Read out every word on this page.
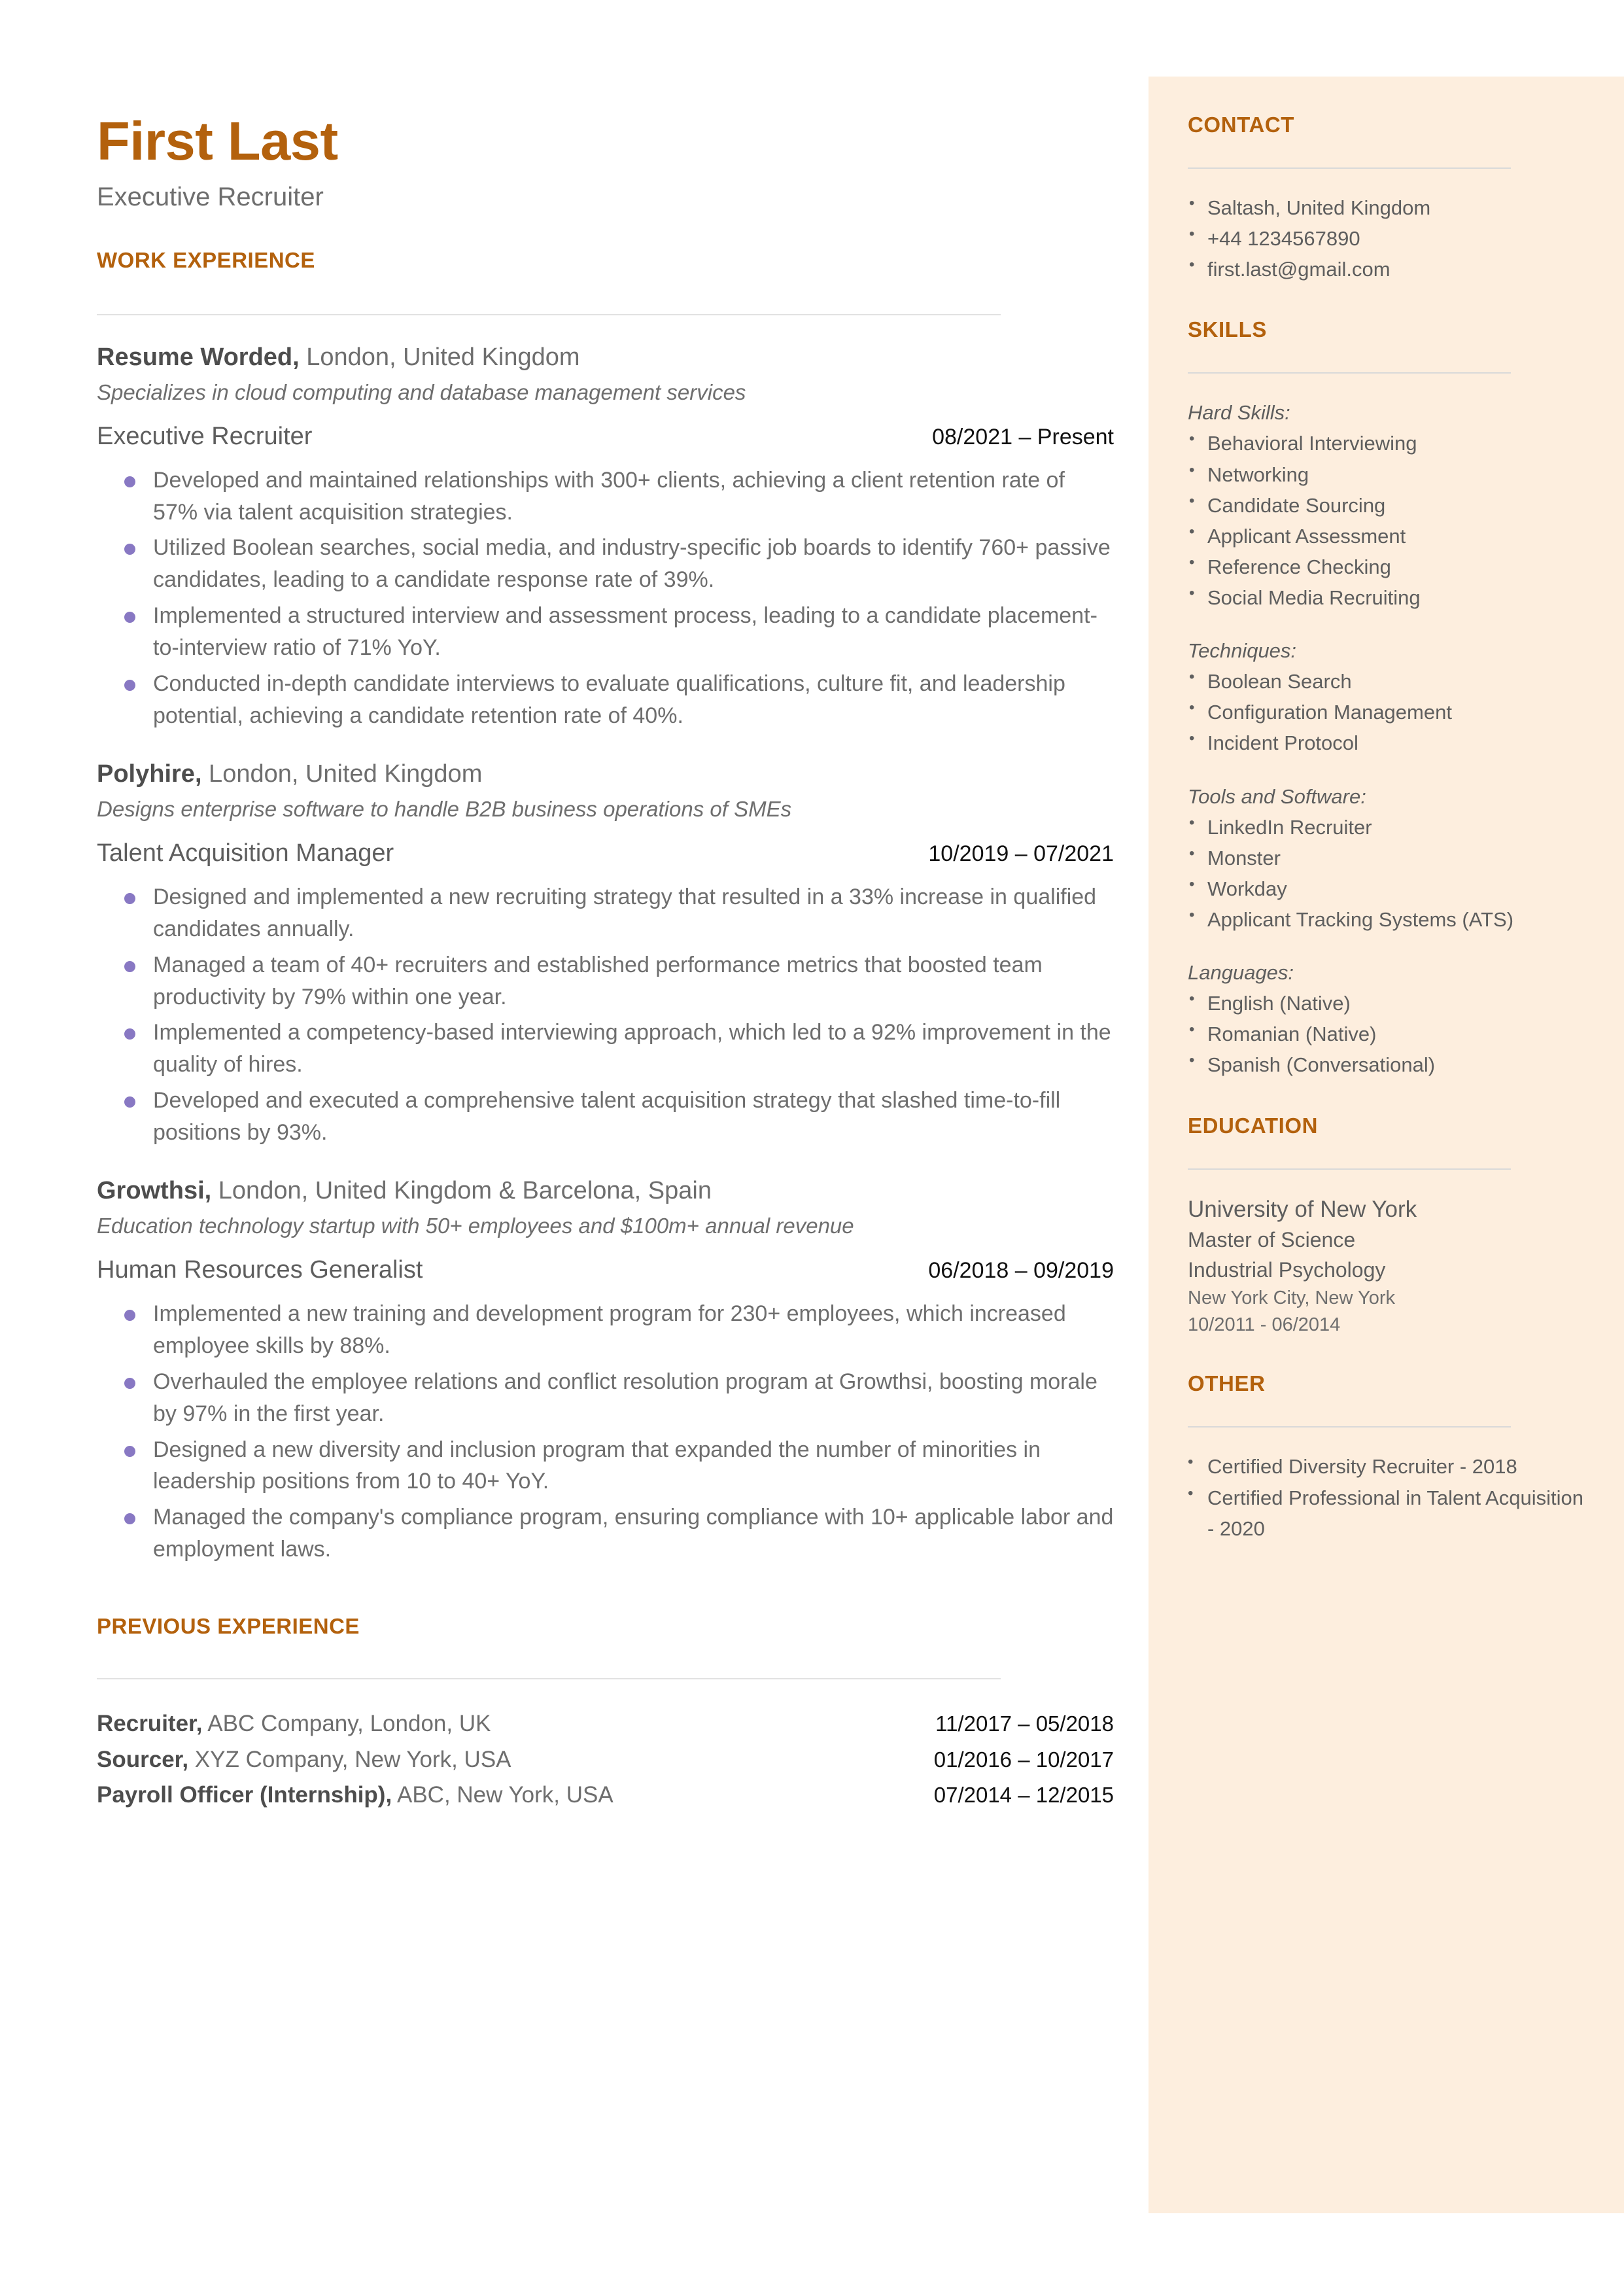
First Last
Executive Recruiter
WORK EXPERIENCE
Resume Worded, London, United Kingdom
Specializes in cloud computing and database management services
Executive Recruiter	08/2021 – Present
Developed and maintained relationships with 300+ clients, achieving a client retention rate of 57% via talent acquisition strategies.
Utilized Boolean searches, social media, and industry-specific job boards to identify 760+ passive candidates, leading to a candidate response rate of 39%.
Implemented a structured interview and assessment process, leading to a candidate placement-to-interview ratio of 71% YoY.
Conducted in-depth candidate interviews to evaluate qualifications, culture fit, and leadership potential, achieving a candidate retention rate of 40%.
Polyhire, London, United Kingdom
Designs enterprise software to handle B2B business operations of SMEs
Talent Acquisition Manager	10/2019 – 07/2021
Designed and implemented a new recruiting strategy that resulted in a 33% increase in qualified candidates annually.
Managed a team of 40+ recruiters and established performance metrics that boosted team productivity by 79% within one year.
Implemented a competency-based interviewing approach, which led to a 92% improvement in the quality of hires.
Developed and executed a comprehensive talent acquisition strategy that slashed time-to-fill positions by 93%.
Growthsi, London, United Kingdom & Barcelona, Spain
Education technology startup with 50+ employees and $100m+ annual revenue
Human Resources Generalist	06/2018 – 09/2019
Implemented a new training and development program for 230+ employees, which increased employee skills by 88%.
Overhauled the employee relations and conflict resolution program at Growthsi, boosting morale by 97% in the first year.
Designed a new diversity and inclusion program that expanded the number of minorities in leadership positions from 10 to 40+ YoY.
Managed the company's compliance program, ensuring compliance with 10+ applicable labor and employment laws.
PREVIOUS EXPERIENCE
Recruiter, ABC Company, London, UK	11/2017 – 05/2018
Sourcer, XYZ Company, New York, USA	01/2016 – 10/2017
Payroll Officer (Internship), ABC, New York, USA	07/2014 – 12/2015
CONTACT
• Saltash, United Kingdom
• +44 1234567890
• first.last@gmail.com
SKILLS
Hard Skills:
• Behavioral Interviewing
• Networking
• Candidate Sourcing
• Applicant Assessment
• Reference Checking
• Social Media Recruiting
Techniques:
• Boolean Search
• Configuration Management
• Incident Protocol
Tools and Software:
• LinkedIn Recruiter
• Monster
• Workday
• Applicant Tracking Systems (ATS)
Languages:
• English (Native)
• Romanian (Native)
• Spanish (Conversational)
EDUCATION
University of New York
Master of Science
Industrial Psychology
New York City, New York
10/2011 - 06/2014
OTHER
• Certified Diversity Recruiter - 2018
• Certified Professional in Talent Acquisition - 2020
